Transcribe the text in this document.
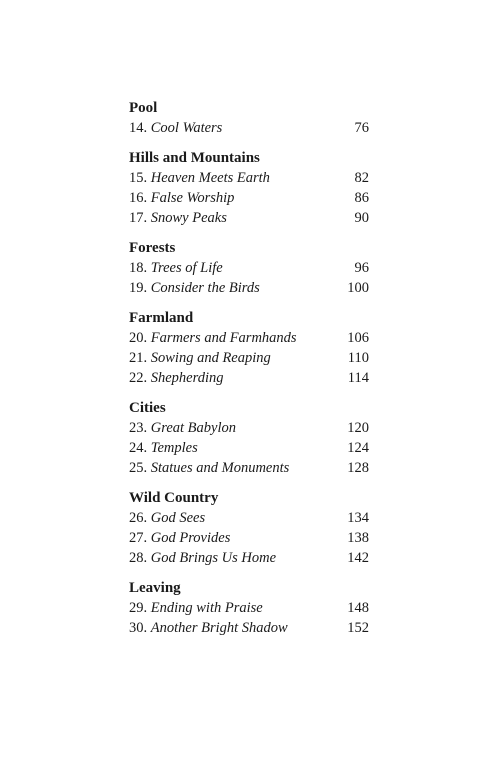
Pool
14. Cool Waters	76
Hills and Mountains
15. Heaven Meets Earth	82
16. False Worship	86
17. Snowy Peaks	90
Forests
18. Trees of Life	96
19. Consider the Birds	100
Farmland
20. Farmers and Farmhands	106
21. Sowing and Reaping	110
22. Shepherding	114
Cities
23. Great Babylon	120
24. Temples	124
25. Statues and Monuments	128
Wild Country
26. God Sees	134
27. God Provides	138
28. God Brings Us Home	142
Leaving
29. Ending with Praise	148
30. Another Bright Shadow	152
